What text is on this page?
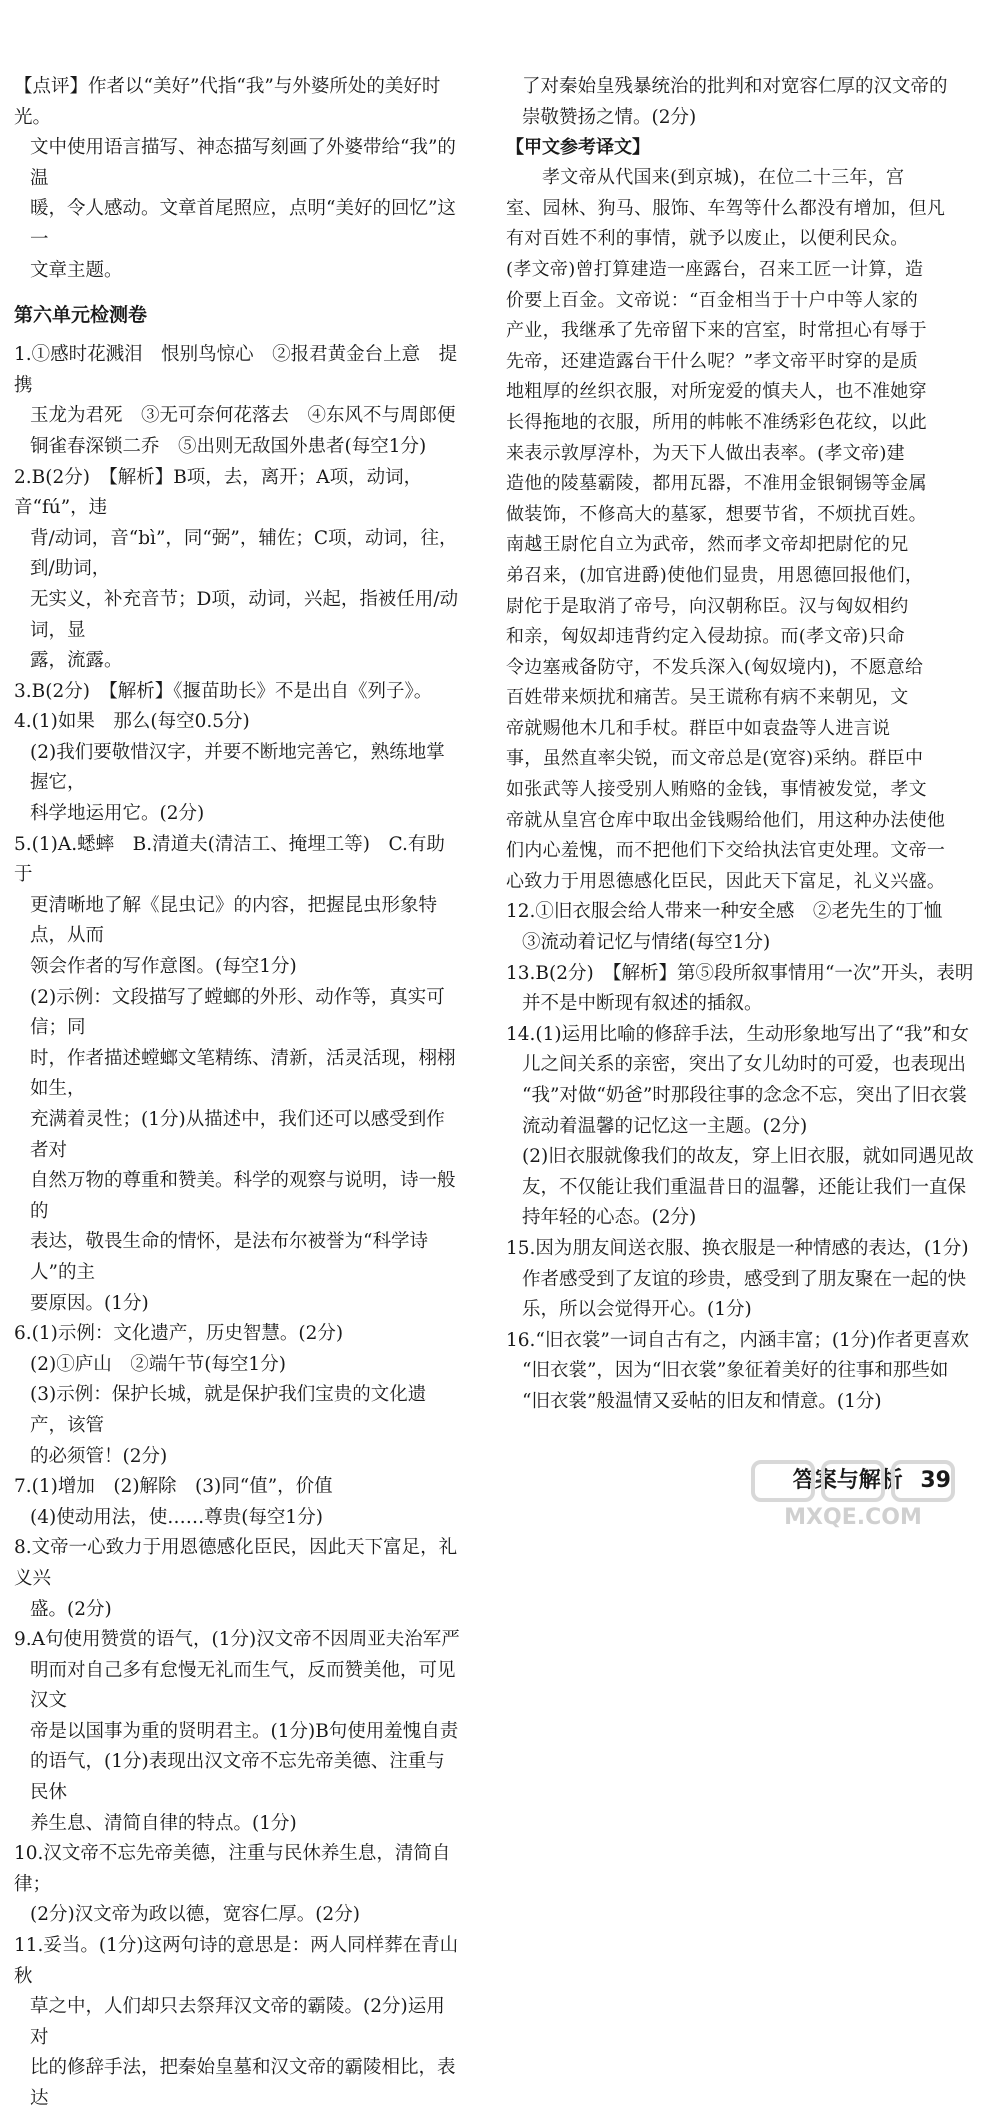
【点评】作者以“美好”代指“我”与外婆所处的美好时光。

文中使用语言描写、神态描写刻画了外婆带给“我”的温

暖，令人感动。文章首尾照应，点明“美好的回忆”这一

文章主题。

第六单元检测卷

1.①感时花溅泪　恨别鸟惊心　②报君黄金台上意　提携

玉龙为君死　③无可奈何花落去　④东风不与周郎便

铜雀春深锁二乔　⑤出则无敌国外患者(每空1分)

2.B(2分)　【解析】B项，去，离开；A项，动词，音“fú”，违

背/动词，音“bì”，同“弼”，辅佐；C项，动词，往，到/助词，

无实义，补充音节；D项，动词，兴起，指被任用/动词，显

露，流露。

3.B(2分)　【解析】《揠苗助长》不是出自《列子》。

4.(1)如果　那么(每空0.5分)

(2)我们要敬惜汉字，并要不断地完善它，熟练地掌握它，

科学地运用它。(2分)

5.(1)A.蟋蟀　B.清道夫(清洁工、掩埋工等)　C.有助于

更清晰地了解《昆虫记》的内容，把握昆虫形象特点，从而

领会作者的写作意图。(每空1分)

(2)示例：文段描写了螳螂的外形、动作等，真实可信；同

时，作者描述螳螂文笔精练、清新，活灵活现，栩栩如生，

充满着灵性；(1分)从描述中，我们还可以感受到作者对

自然万物的尊重和赞美。科学的观察与说明，诗一般的

表达，敬畏生命的情怀，是法布尔被誉为“科学诗人”的主

要原因。(1分)

6.(1)示例：文化遗产，历史智慧。(2分)

(2)①庐山　②端午节(每空1分)

(3)示例：保护长城，就是保护我们宝贵的文化遗产，该管

的必须管！(2分)

7.(1)增加　(2)解除　(3)同“值”，价值

(4)使动用法，使……尊贵(每空1分)

8.文帝一心致力于用恩德感化臣民，因此天下富足，礼义兴

盛。(2分)

9.A句使用赞赏的语气，(1分)汉文帝不因周亚夫治军严

明而对自己多有怠慢无礼而生气，反而赞美他，可见汉文

帝是以国事为重的贤明君主。(1分)B句使用羞愧自责

的语气，(1分)表现出汉文帝不忘先帝美德、注重与民休

养生息、清简自律的特点。(1分)

10.汉文帝不忘先帝美德，注重与民休养生息，清简自律；

(2分)汉文帝为政以德，宽容仁厚。(2分)

11.妥当。(1分)这两句诗的意思是：两人同样葬在青山秋

草之中，人们却只去祭拜汉文帝的霸陵。(2分)运用对

比的修辞手法，把秦始皇墓和汉文帝的霸陵相比，表达

了对秦始皇残暴统治的批判和对宽容仁厚的汉文帝的

崇敬赞扬之情。(2分)

【甲文参考译文】

孝文帝从代国来(到京城)，在位二十三年，宫

室、园林、狗马、服饰、车驾等什么都没有增加，但凡

有对百姓不利的事情，就予以废止，以便利民众。

(孝文帝)曾打算建造一座露台，召来工匠一计算，造

价要上百金。文帝说：“百金相当于十户中等人家的

产业，我继承了先帝留下来的宫室，时常担心有辱于

先帝，还建造露台干什么呢？”孝文帝平时穿的是质

地粗厚的丝织衣服，对所宠爱的慎夫人，也不准她穿

长得拖地的衣服，所用的帏帐不准绣彩色花纹，以此

来表示敦厚淳朴，为天下人做出表率。(孝文帝)建

造他的陵墓霸陵，都用瓦器，不准用金银铜锡等金属

做装饰，不修高大的墓冢，想要节省，不烦扰百姓。

南越王尉佗自立为武帝，然而孝文帝却把尉佗的兄

弟召来，(加官进爵)使他们显贵，用恩德回报他们，

尉佗于是取消了帝号，向汉朝称臣。汉与匈奴相约

和亲，匈奴却违背约定入侵劫掠。而(孝文帝)只命

令边塞戒备防守，不发兵深入(匈奴境内)，不愿意给

百姓带来烦扰和痛苦。吴王谎称有病不来朝见，文

帝就赐他木几和手杖。群臣中如袁盎等人进言说

事，虽然直率尖锐，而文帝总是(宽容)采纳。群臣中

如张武等人接受别人贿赂的金钱，事情被发觉，孝文

帝就从皇宫仓库中取出金钱赐给他们，用这种办法使他

们内心羞愧，而不把他们下交给执法官吏处理。文帝一

心致力于用恩德感化臣民，因此天下富足，礼义兴盛。

12.①旧衣服会给人带来一种安全感　②老先生的丁恤

③流动着记忆与情绪(每空1分)

13.B(2分)　【解析】第⑤段所叙事情用“一次”开头，表明

并不是中断现有叙述的插叙。

14.(1)运用比喻的修辞手法，生动形象地写出了“我”和女

儿之间关系的亲密，突出了女儿幼时的可爱，也表现出

“我”对做“奶爸”时那段往事的念念不忘，突出了旧衣裳

流动着温馨的记忆这一主题。(2分)

(2)旧衣服就像我们的故友，穿上旧衣服，就如同遇见故

友，不仅能让我们重温昔日的温馨，还能让我们一直保

持年轻的心态。(2分)

15.因为朋友间送衣服、换衣服是一种情感的表达，(1分)

作者感受到了友谊的珍贵，感受到了朋友聚在一起的快

乐，所以会觉得开心。(1分)

16.“旧衣裳”一词自古有之，内涵丰富；(1分)作者更喜欢

“旧衣裳”，因为“旧衣裳”象征着美好的往事和那些如

“旧衣裳”般温情又妥帖的旧友和情意。(1分)

答案与解析 39
MXQE.COM
